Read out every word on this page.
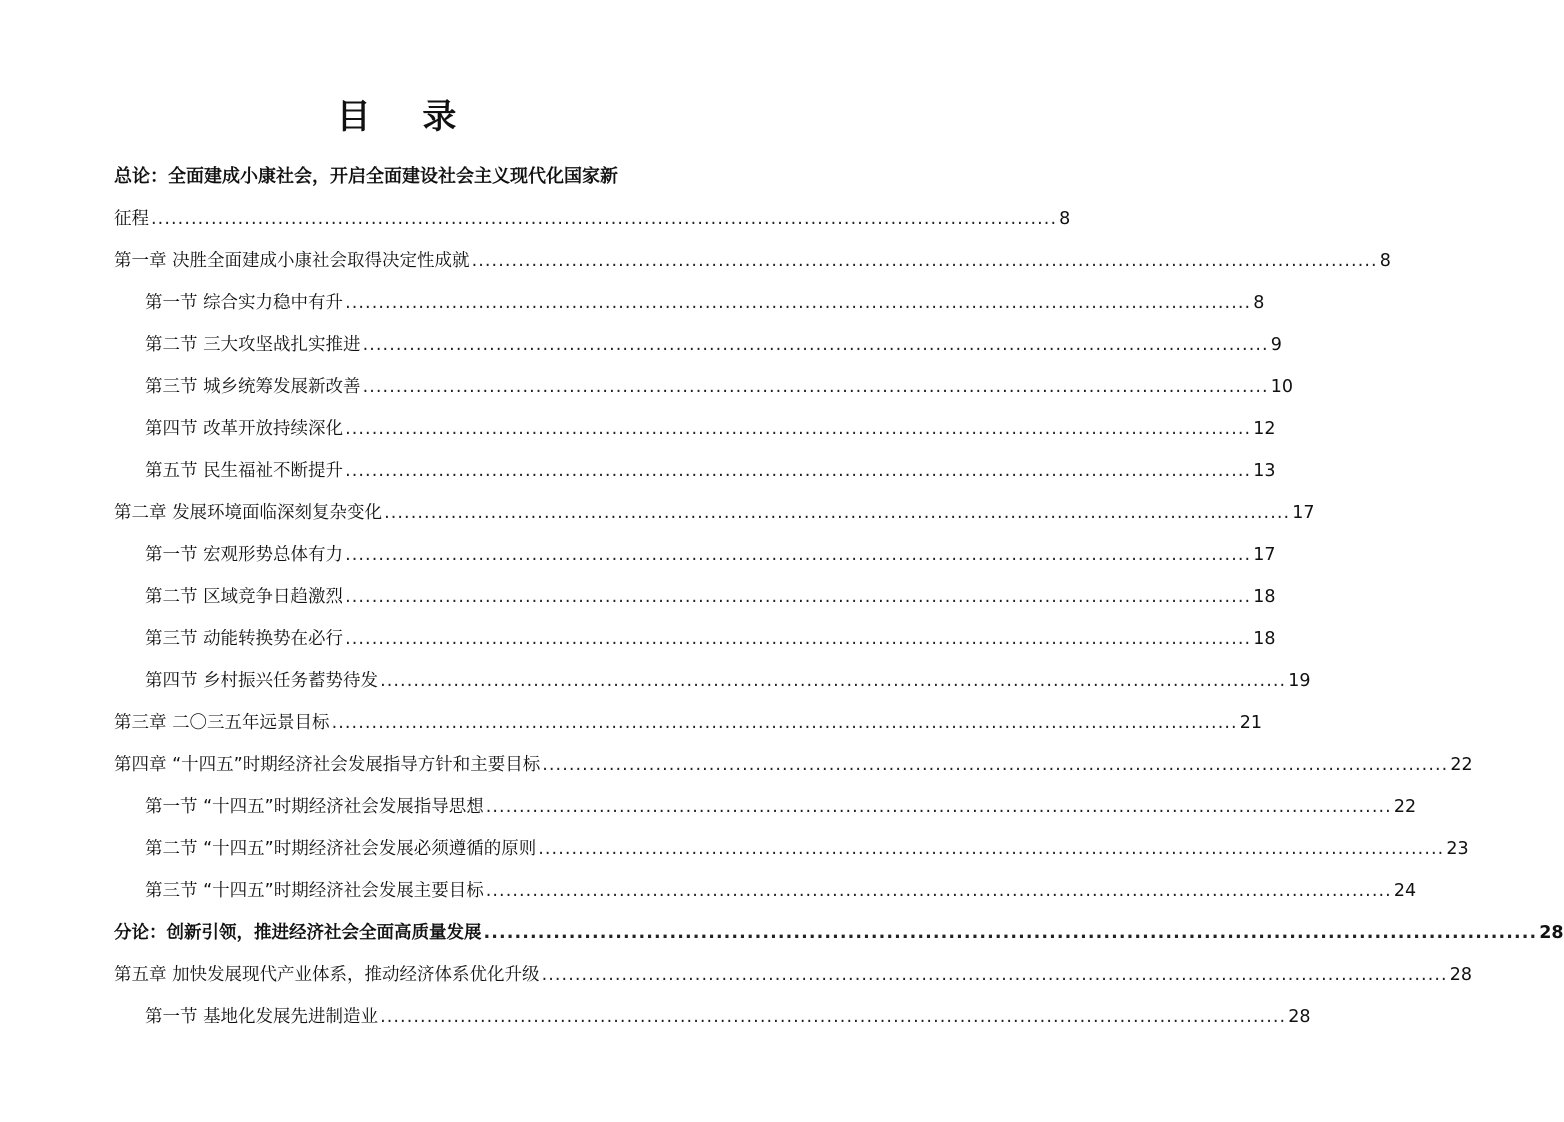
目 录
总论：全面建成小康社会，开启全面建设社会主义现代化国家新
征程 ........................................................................................................................................ 8
第一章 决胜全面建成小康社会取得决定性成就 ........................................................................................................................................ 8
第一节 综合实力稳中有升 ........................................................................................................................................ 8
第二节 三大攻坚战扎实推进 ........................................................................................................................................ 9
第三节 城乡统筹发展新改善 ........................................................................................................................................ 10
第四节 改革开放持续深化 ........................................................................................................................................ 12
第五节 民生福祉不断提升 ........................................................................................................................................ 13
第二章 发展环境面临深刻复杂变化 ........................................................................................................................................ 17
第一节 宏观形势总体有力 ........................................................................................................................................ 17
第二节 区域竞争日趋激烈 ........................................................................................................................................ 18
第三节 动能转换势在必行 ........................................................................................................................................ 18
第四节 乡村振兴任务蓄势待发 ........................................................................................................................................ 19
第三章 二〇三五年远景目标 ........................................................................................................................................ 21
第四章 “十四五”时期经济社会发展指导方针和主要目标 ........................................................................................................................................ 22
第一节 “十四五”时期经济社会发展指导思想 ........................................................................................................................................ 22
第二节 “十四五”时期经济社会发展必须遵循的原则 ........................................................................................................................................ 23
第三节 “十四五”时期经济社会发展主要目标 ........................................................................................................................................ 24
分论：创新引领，推进经济社会全面高质量发展 ........................................................................................................................................ 28
第五章 加快发展现代产业体系，推动经济体系优化升级 ........................................................................................................................................ 28
第一节 基地化发展先进制造业 ........................................................................................................................................ 28
